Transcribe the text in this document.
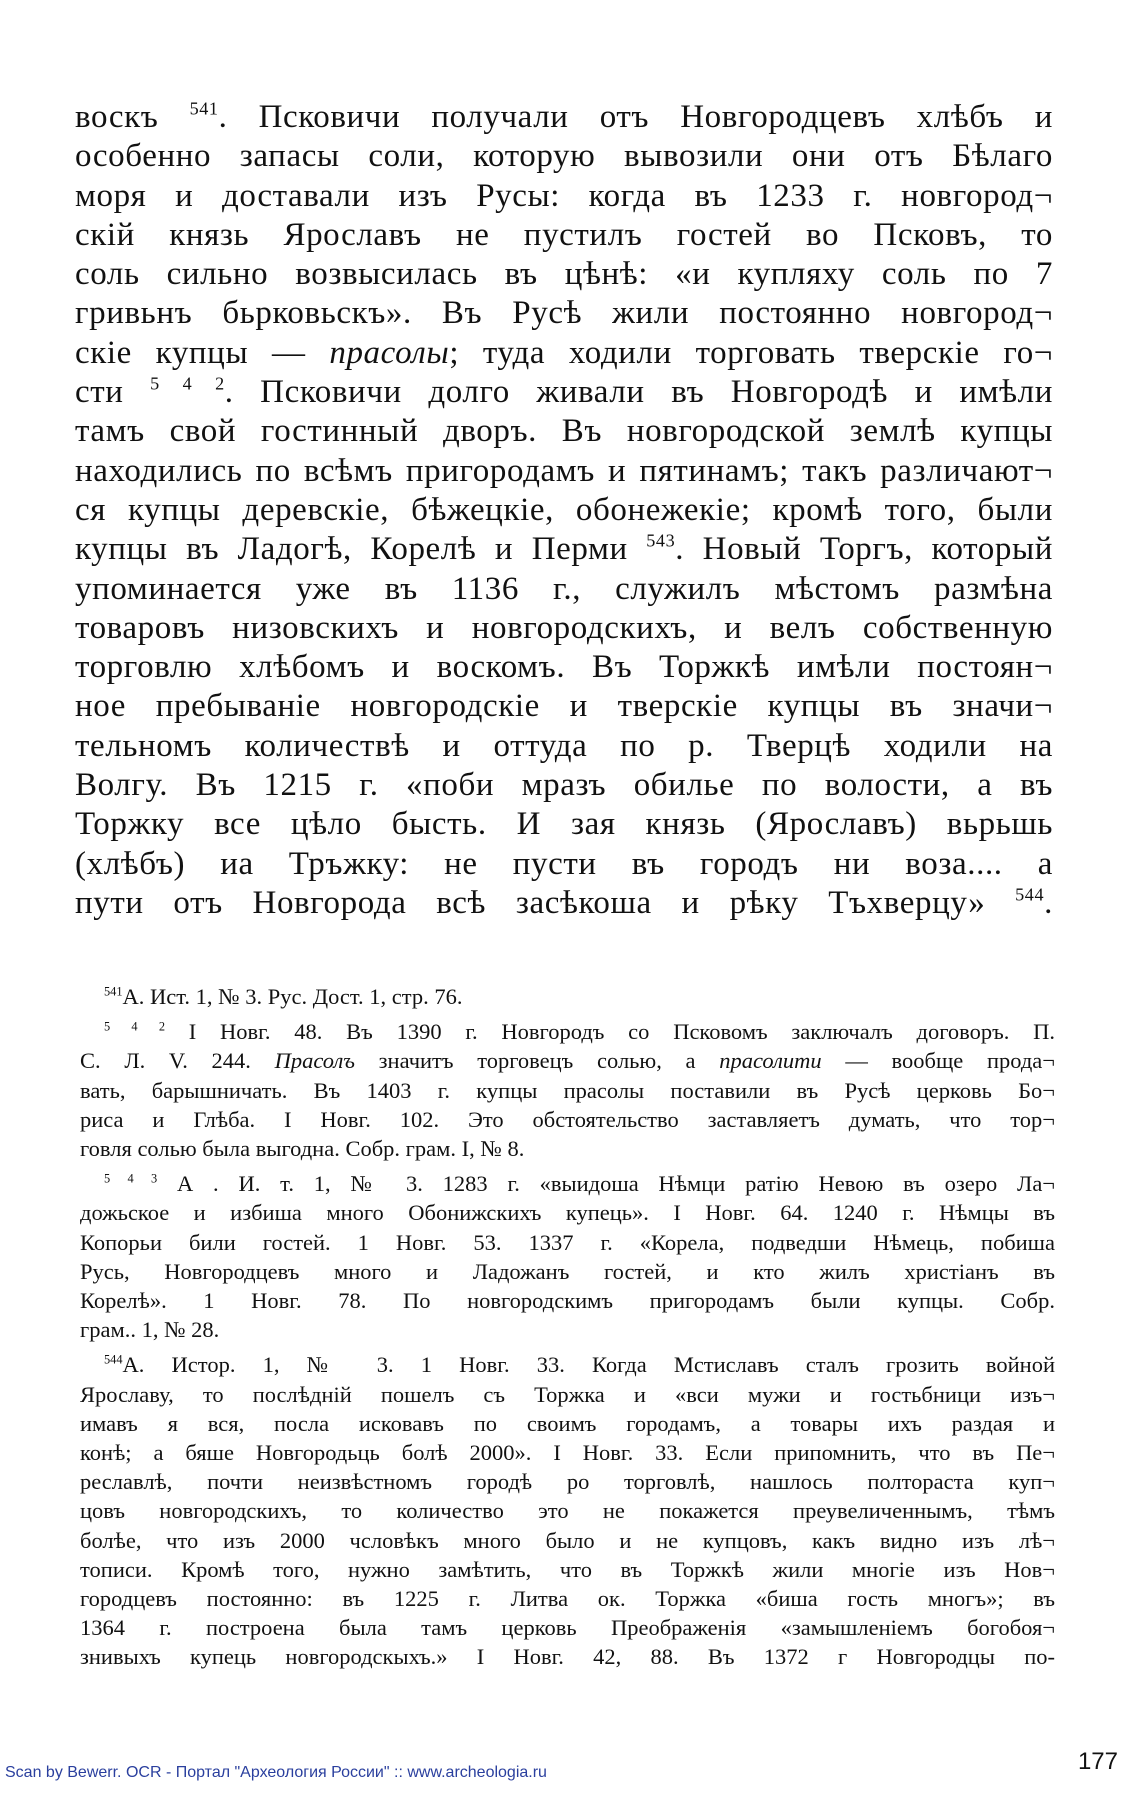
воскъ $^{541}$. Псковичи получали отъ Новгородцевъ хлѣбъ и

особенно запасы соли, которую вывозили они отъ Бѣлаго

моря и доставали изъ Русы: когда въ 1233 г. новгород¬

скій князь Ярославъ не пустилъ гостей во Псковъ, то

соль сильно возвысилась въ цѣнѣ: «и купляху соль по 7

гривьнъ бьрковьскъ». Въ Русѣ жили постоянно новгород¬

скіе купцы — прасолы; туда ходили торговать тверскіе го¬

сти $^{5 4 2}$. Псковичи долго живали въ Новгородѣ и имѣли

тамъ свой гостинный дворъ. Въ новгородской землѣ купцы

находились по всѣмъ пригородамъ и пятинамъ; такъ различают¬

ся купцы деревскіе, бѣжецкіе, обонежекіе; кромѣ того, были

купцы въ Ладогѣ, Корелѣ и Перми $^{543}$. Новый Торгъ, который

упоминается уже въ 1136 г., служилъ мѣстомъ размѣна

товаровъ низовскихъ и новгородскихъ, и велъ собственную

торговлю хлѣбомъ и воскомъ. Въ Торжкѣ имѣли постоян¬

ное пребываніе новгородскіе и тверскіе купцы въ значи¬

тельномъ количествѣ и оттуда по р. Тверцѣ ходили на

Волгу. Въ 1215 г. «поби мразъ обилье по волости, а въ

Торжку все цѣло бысть. И зая князь (Ярославъ) вьрьшь

(хлѣбъ) иа Тръжку: не пусти въ городъ ни воза.... а

пути отъ Новгорода всѣ засѣкоша и рѣку Тъхверцу» $^{544}$.

$^{541}$А. Ист. 1, № 3. Рус. Дост. 1, стр. 76.
$^{5 4 2}$ I Новг. 48. Въ 1390 г. Новгородъ со Псковомъ заключалъ договоръ. П.
С. Л. V. 244. Прасолъ значитъ торговецъ солью, а прасолити — вообще прода¬
вать, барышничать. Въ 1403 г. купцы прасолы поставили въ Русѣ церковь Бо¬
риса и Глѣба. I Новг. 102. Это обстоятельство заставляетъ думать, что тор¬
говля солью была выгодна. Собр. грам. I, № 8.
$^{5 4 3}$ А . И. т. 1, № 3. 1283 г. «выидоша Нѣмци ратію Невою въ озеро Ла¬
дожьское и избиша много Обонижскихъ купець». I Новг. 64. 1240 г. Нѣмцы въ
Копорьи били гостей. 1 Новг. 53. 1337 г. «Корела, подведши Нѣмець, побиша
Русь, Новгородцевъ много и Ладожанъ гостей, и кто жилъ христіанъ въ
Корелѣ». 1 Новг. 78. По новгородскимъ пригородамъ были купцы. Собр.
грам.. 1, № 28.
$^{544}$А. Истор. 1, № 3. 1 Новг. 33. Когда Мстиславъ сталъ грозить войной
Ярославу, то послѣдній пошелъ съ Торжка и «вси мужи и гостьбници изъ¬
имавъ я вся, посла исковавъ по своимъ городамъ, а товары ихъ раздая и
конѣ; а бяше Новгородьць болѣ 2000». I Новг. 33. Если припомнить, что въ Пе¬
реславлѣ, почти неизвѣстномъ городѣ ро торговлѣ, нашлось полтораста куп¬
цовъ новгородскихъ, то количество это не покажется преувеличеннымъ, тѣмъ
болѣе, что изъ 2000 чсловѣкъ много было и не купцовъ, какъ видно изъ лѣ¬
тописи. Кромѣ того, нужно замѣтить, что въ Торжкѣ жили многіе изъ Нов¬
городцевъ постоянно: въ 1225 г. Литва ок. Торжка «биша гость многъ»; въ
1364 г. построена была тамъ церковь Преображенія «замышленіемъ богобоя¬
знивыхъ купець новгородскыхъ.» I Новг. 42, 88. Въ 1372 г Новгородцы по-
Scan by Bewerr. OCR - Портал "Археология России" :: www.archeologia.ru	177
